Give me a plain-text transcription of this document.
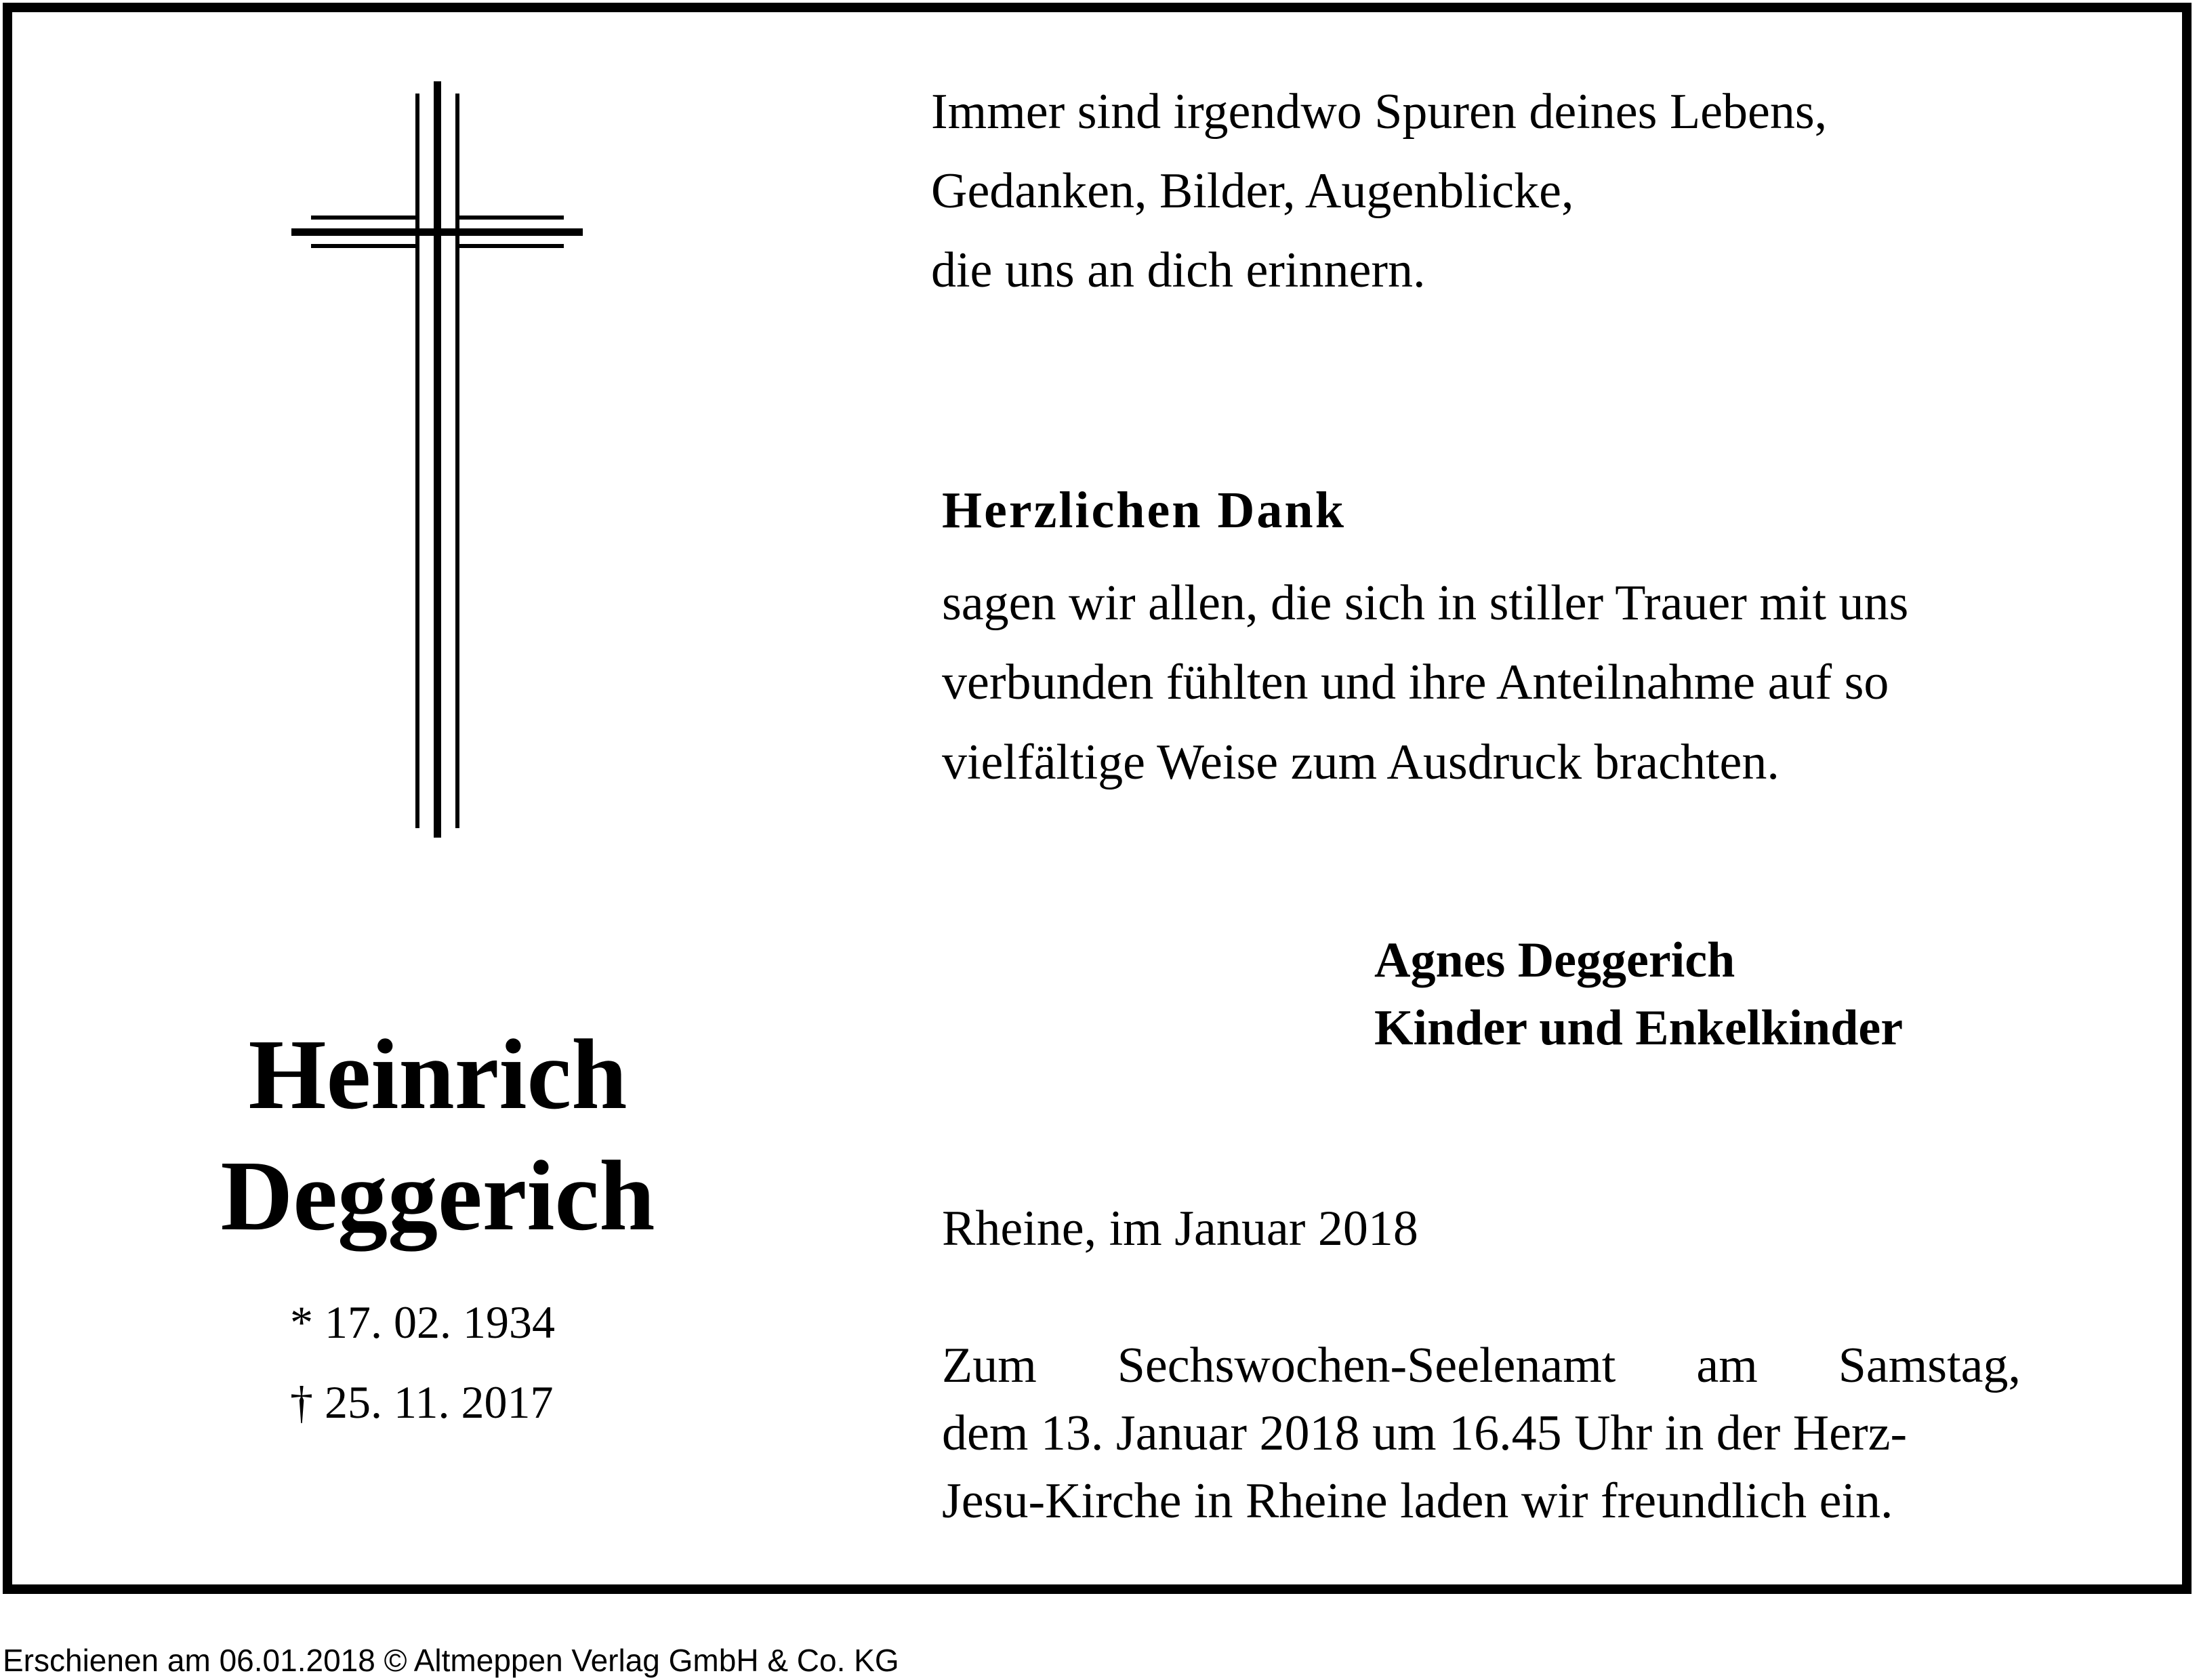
Immer sind irgendwo Spuren deines Lebens,
Gedanken, Bilder, Augenblicke,
die uns an dich erinnern.
Herzlichen Dank
sagen wir allen, die sich in stiller Trauer mit uns
verbunden fühlten und ihre Anteilnahme auf so
vielfältige Weise zum Ausdruck brachten.
Agnes Deggerich
Kinder und Enkelkinder
Heinrich
Deggerich
* 17. 02. 1934
† 25. 11. 2017
Rheine, im Januar 2018
Zum Sechswochen-Seelenamt am Samstag,
dem 13. Januar 2018 um 16.45 Uhr in der Herz-
Jesu-Kirche in Rheine laden wir freundlich ein.
Erschienen am 06.01.2018 © Altmeppen Verlag GmbH & Co. KG
